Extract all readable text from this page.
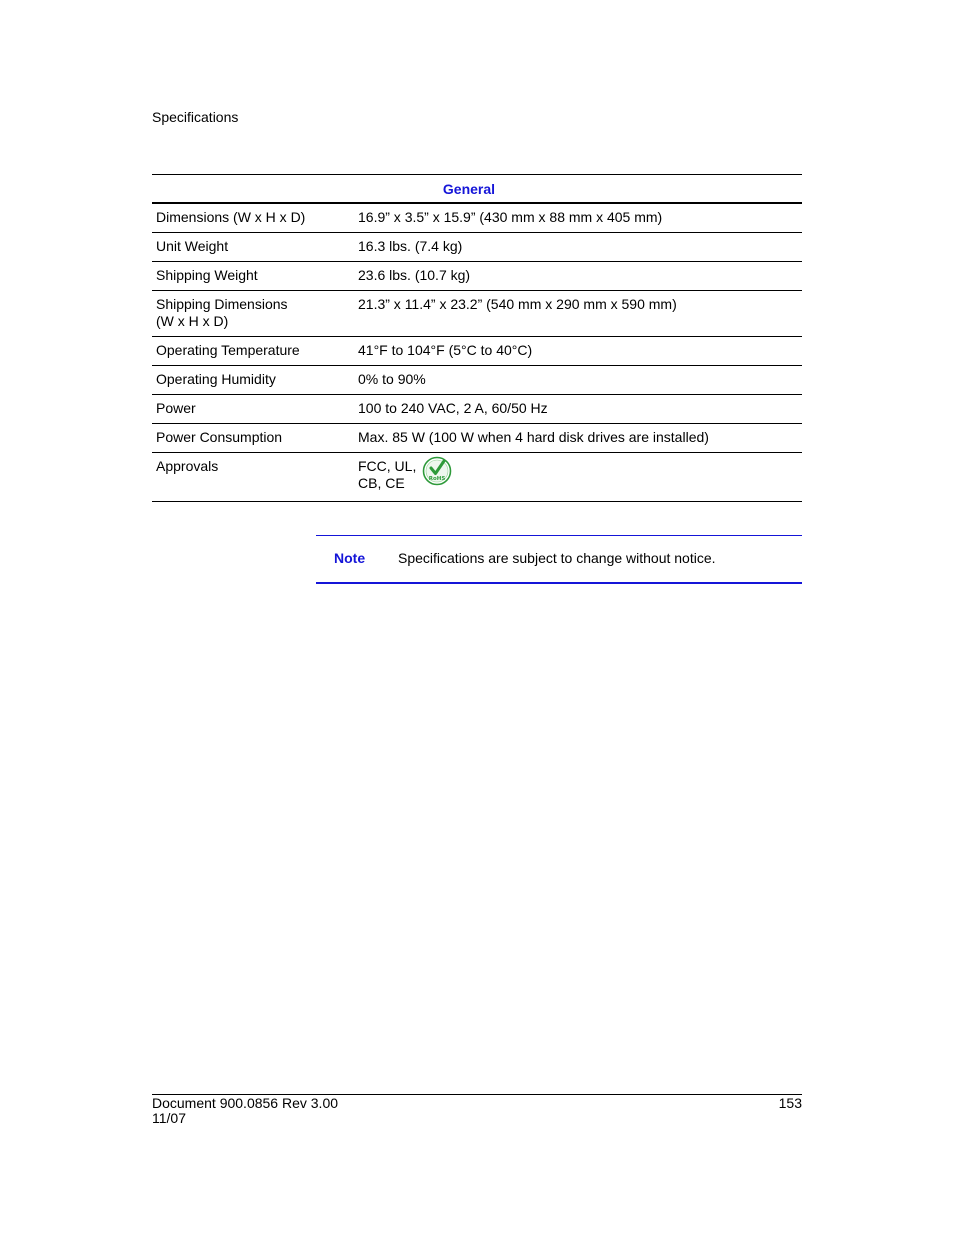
Specifications
General	
Dimensions (W x H x D)	16.9” x 3.5” x 15.9” (430 mm x 88 mm x 405 mm)
Unit Weight	16.3 lbs. (7.4 kg)
Shipping Weight	23.6 lbs. (10.7 kg)

Shipping Dimensions
(W x H x D)	21.3” x 11.4” x 23.2” (540 mm x 290 mm x 590 mm)
Operating Temperature	41°F to 104°F (5°C to 40°C)
Operating Humidity	0% to 90%
Power	100 to 240 VAC, 2 A, 60/50 Hz
Power Consumption	Max. 85 W (100 W when 4 hard disk drives are installed)
Approvals	FCC, UL,
CB, CE RoHS
Note Specifications are subject to change without notice.
Document 900.0856 Rev 3.00
11/07
153
